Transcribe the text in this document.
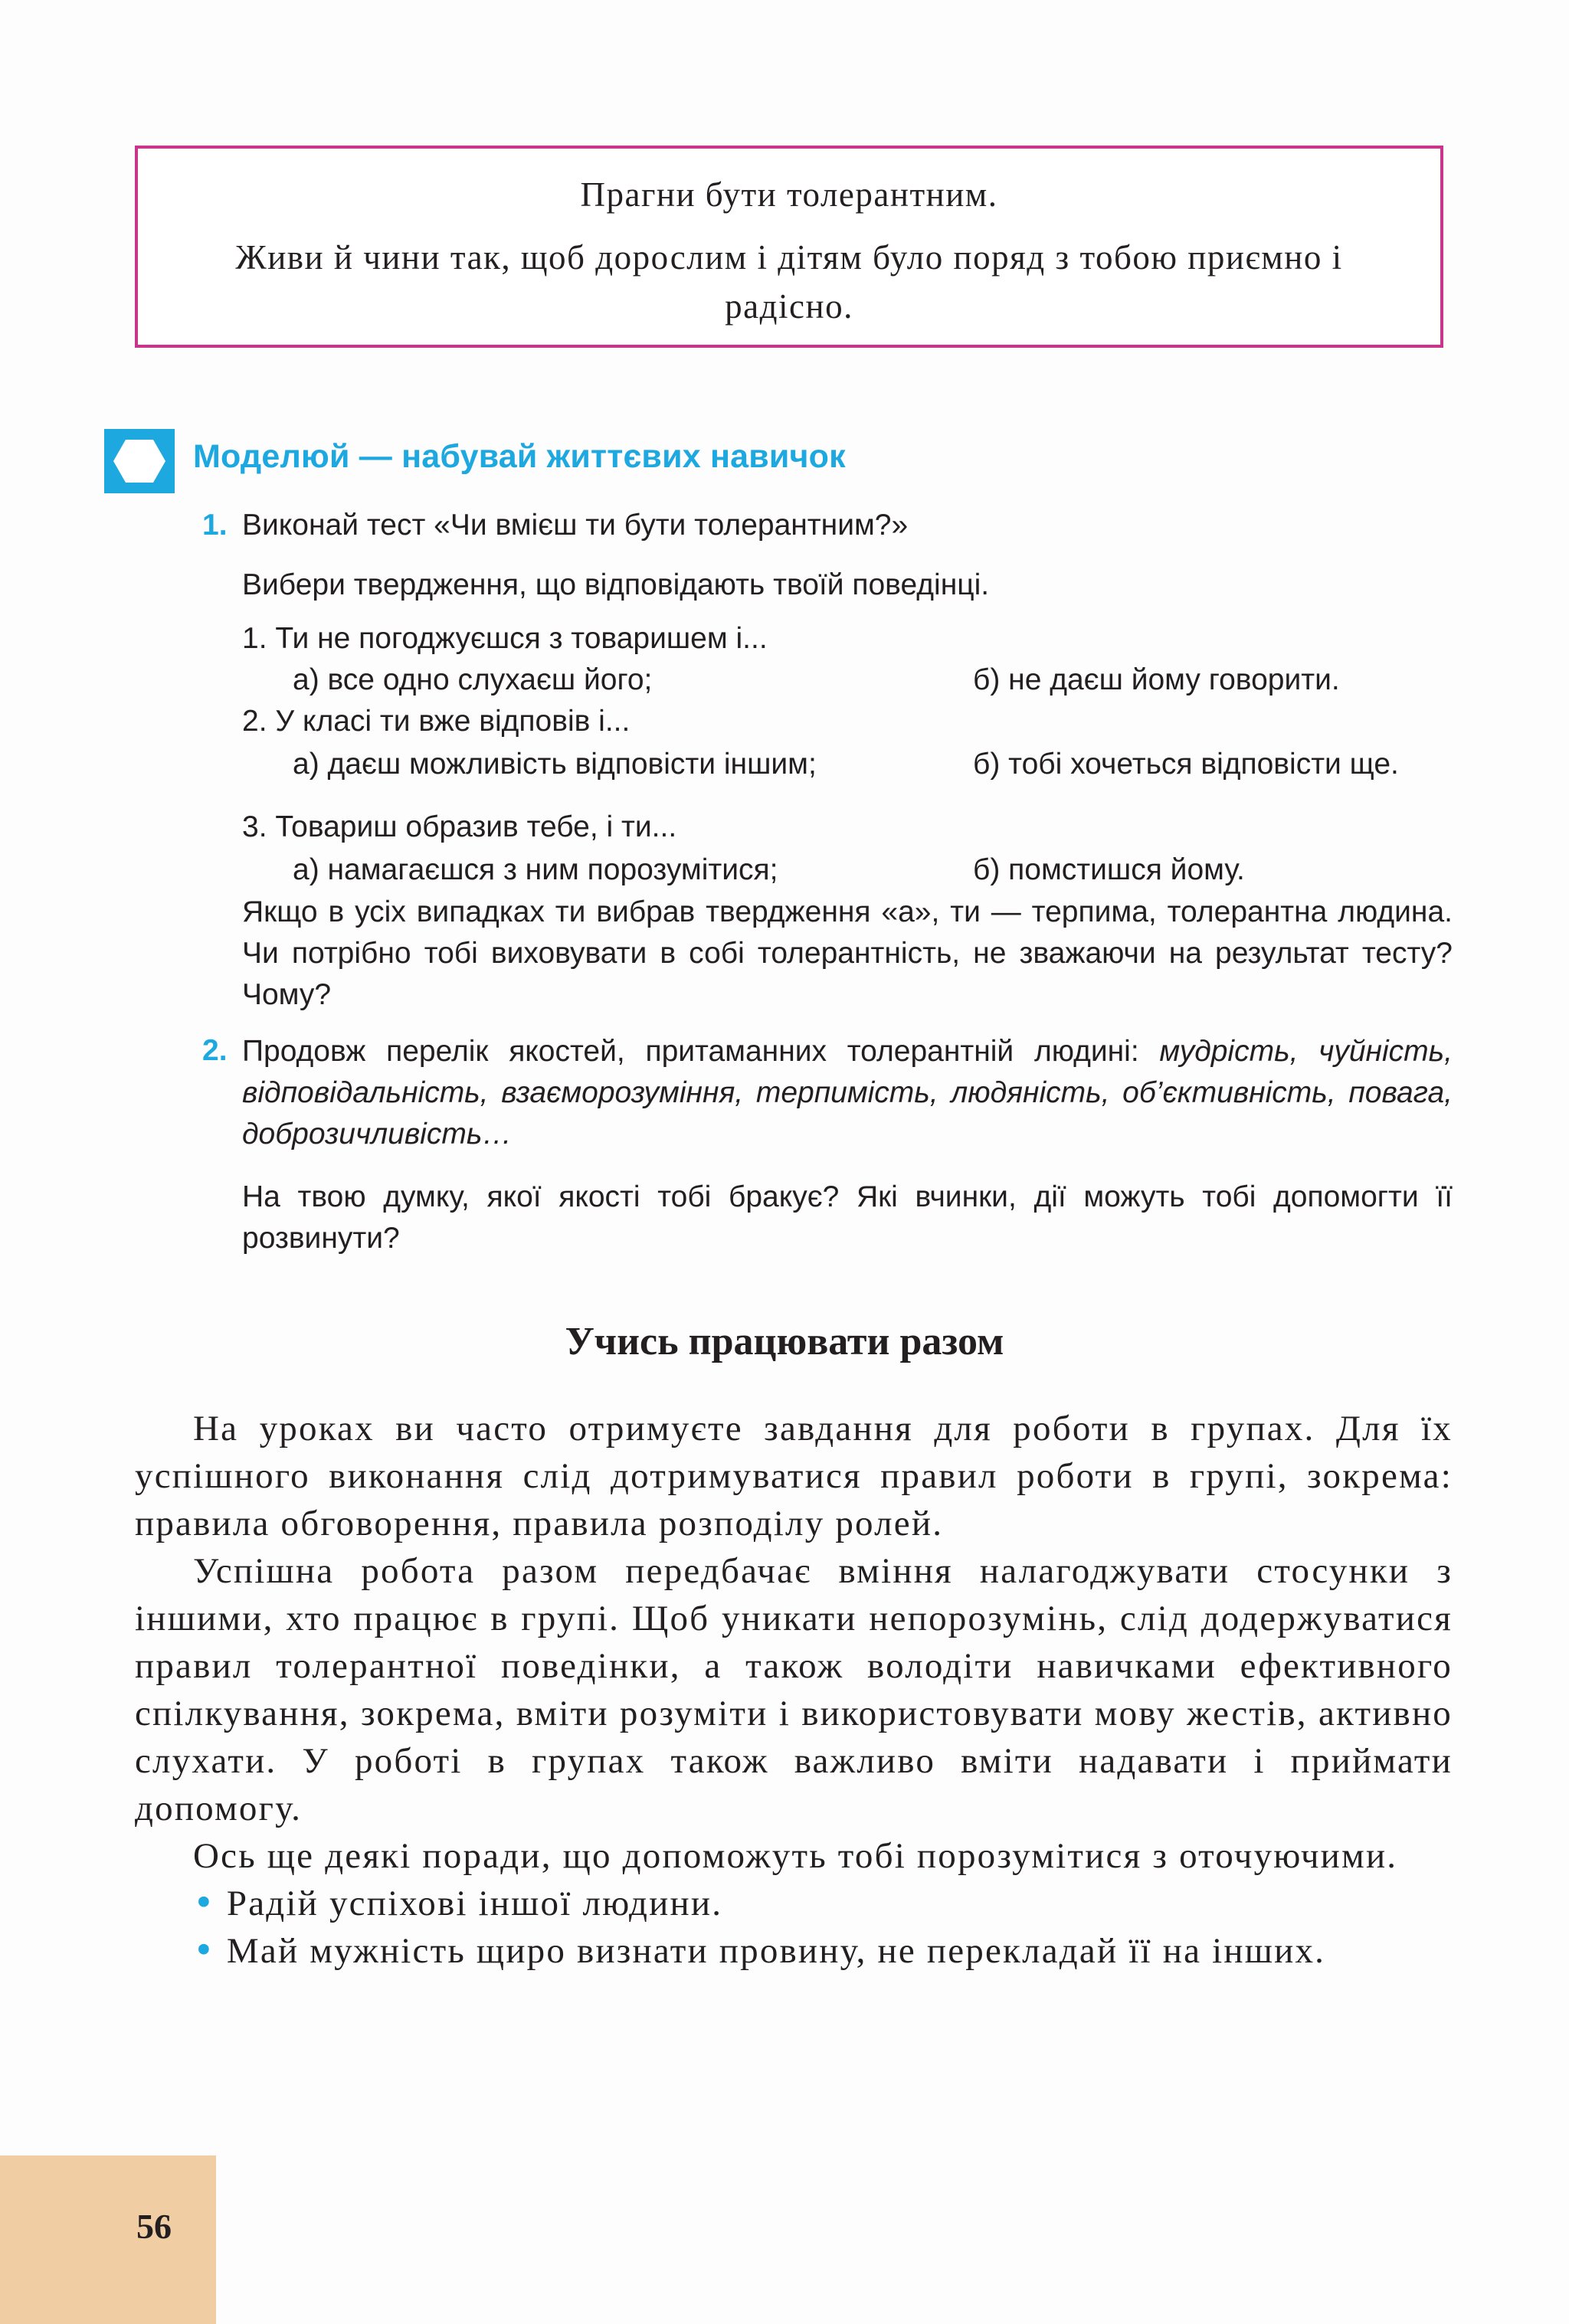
Прагни бути толерантним.
Живи й чини так, щоб дорослим і дітям було поряд з тобою приємно і радісно.
Моделюй — набувай життєвих навичок
1. Виконай тест «Чи вмієш ти бути толерантним?»
Вибери твердження, що відповідають твоїй поведінці.
1. Ти не погоджуєшся з товаришем і...
а) все одно слухаєш його;	б) не даєш йому говорити.
2. У класі ти вже відповів і...
а) даєш можливість відповісти іншим;	б) тобі хочеться відповісти ще.
3. Товариш образив тебе, і ти...
а) намагаєшся з ним порозумітися;	б) помстишся йому.
Якщо в усіх випадках ти вибрав твердження «а», ти — терпима, толерантна людина. Чи потрібно тобі виховувати в собі толерантність, не зважаючи на результат тесту? Чому?
2. Продовж перелік якостей, притаманних толерантній людині: мудрість, чуйність, відповідальність, взаєморозуміння, терпимість, людяність, об’єктивність, повага, доброзичливість…
На твою думку, якої якості тобі бракує? Які вчинки, дії можуть тобі допомогти її розвинути?
Учись працювати разом

На уроках ви часто отримуєте завдання для роботи в групах. Для їх успішного виконання слід дотримуватися правил роботи в групі, зокрема: правила обговорення, правила розподілу ролей.

Успішна робота разом передбачає вміння налагоджувати стосунки з іншими, хто працює в групі. Щоб уникати непорозумінь, слід додержуватися правил толерантної поведінки, а також володіти навичками ефективного спілкування, зокрема, вміти розуміти і використовувати мову жестів, активно слухати. У роботі в групах також важливо вміти надавати і приймати допомогу.

Ось ще деякі поради, що допоможуть тобі порозумітися з оточуючими.

• Радій успіхові іншої людини.

• Май мужність щиро визнати провину, не перекладай її на інших.

56
